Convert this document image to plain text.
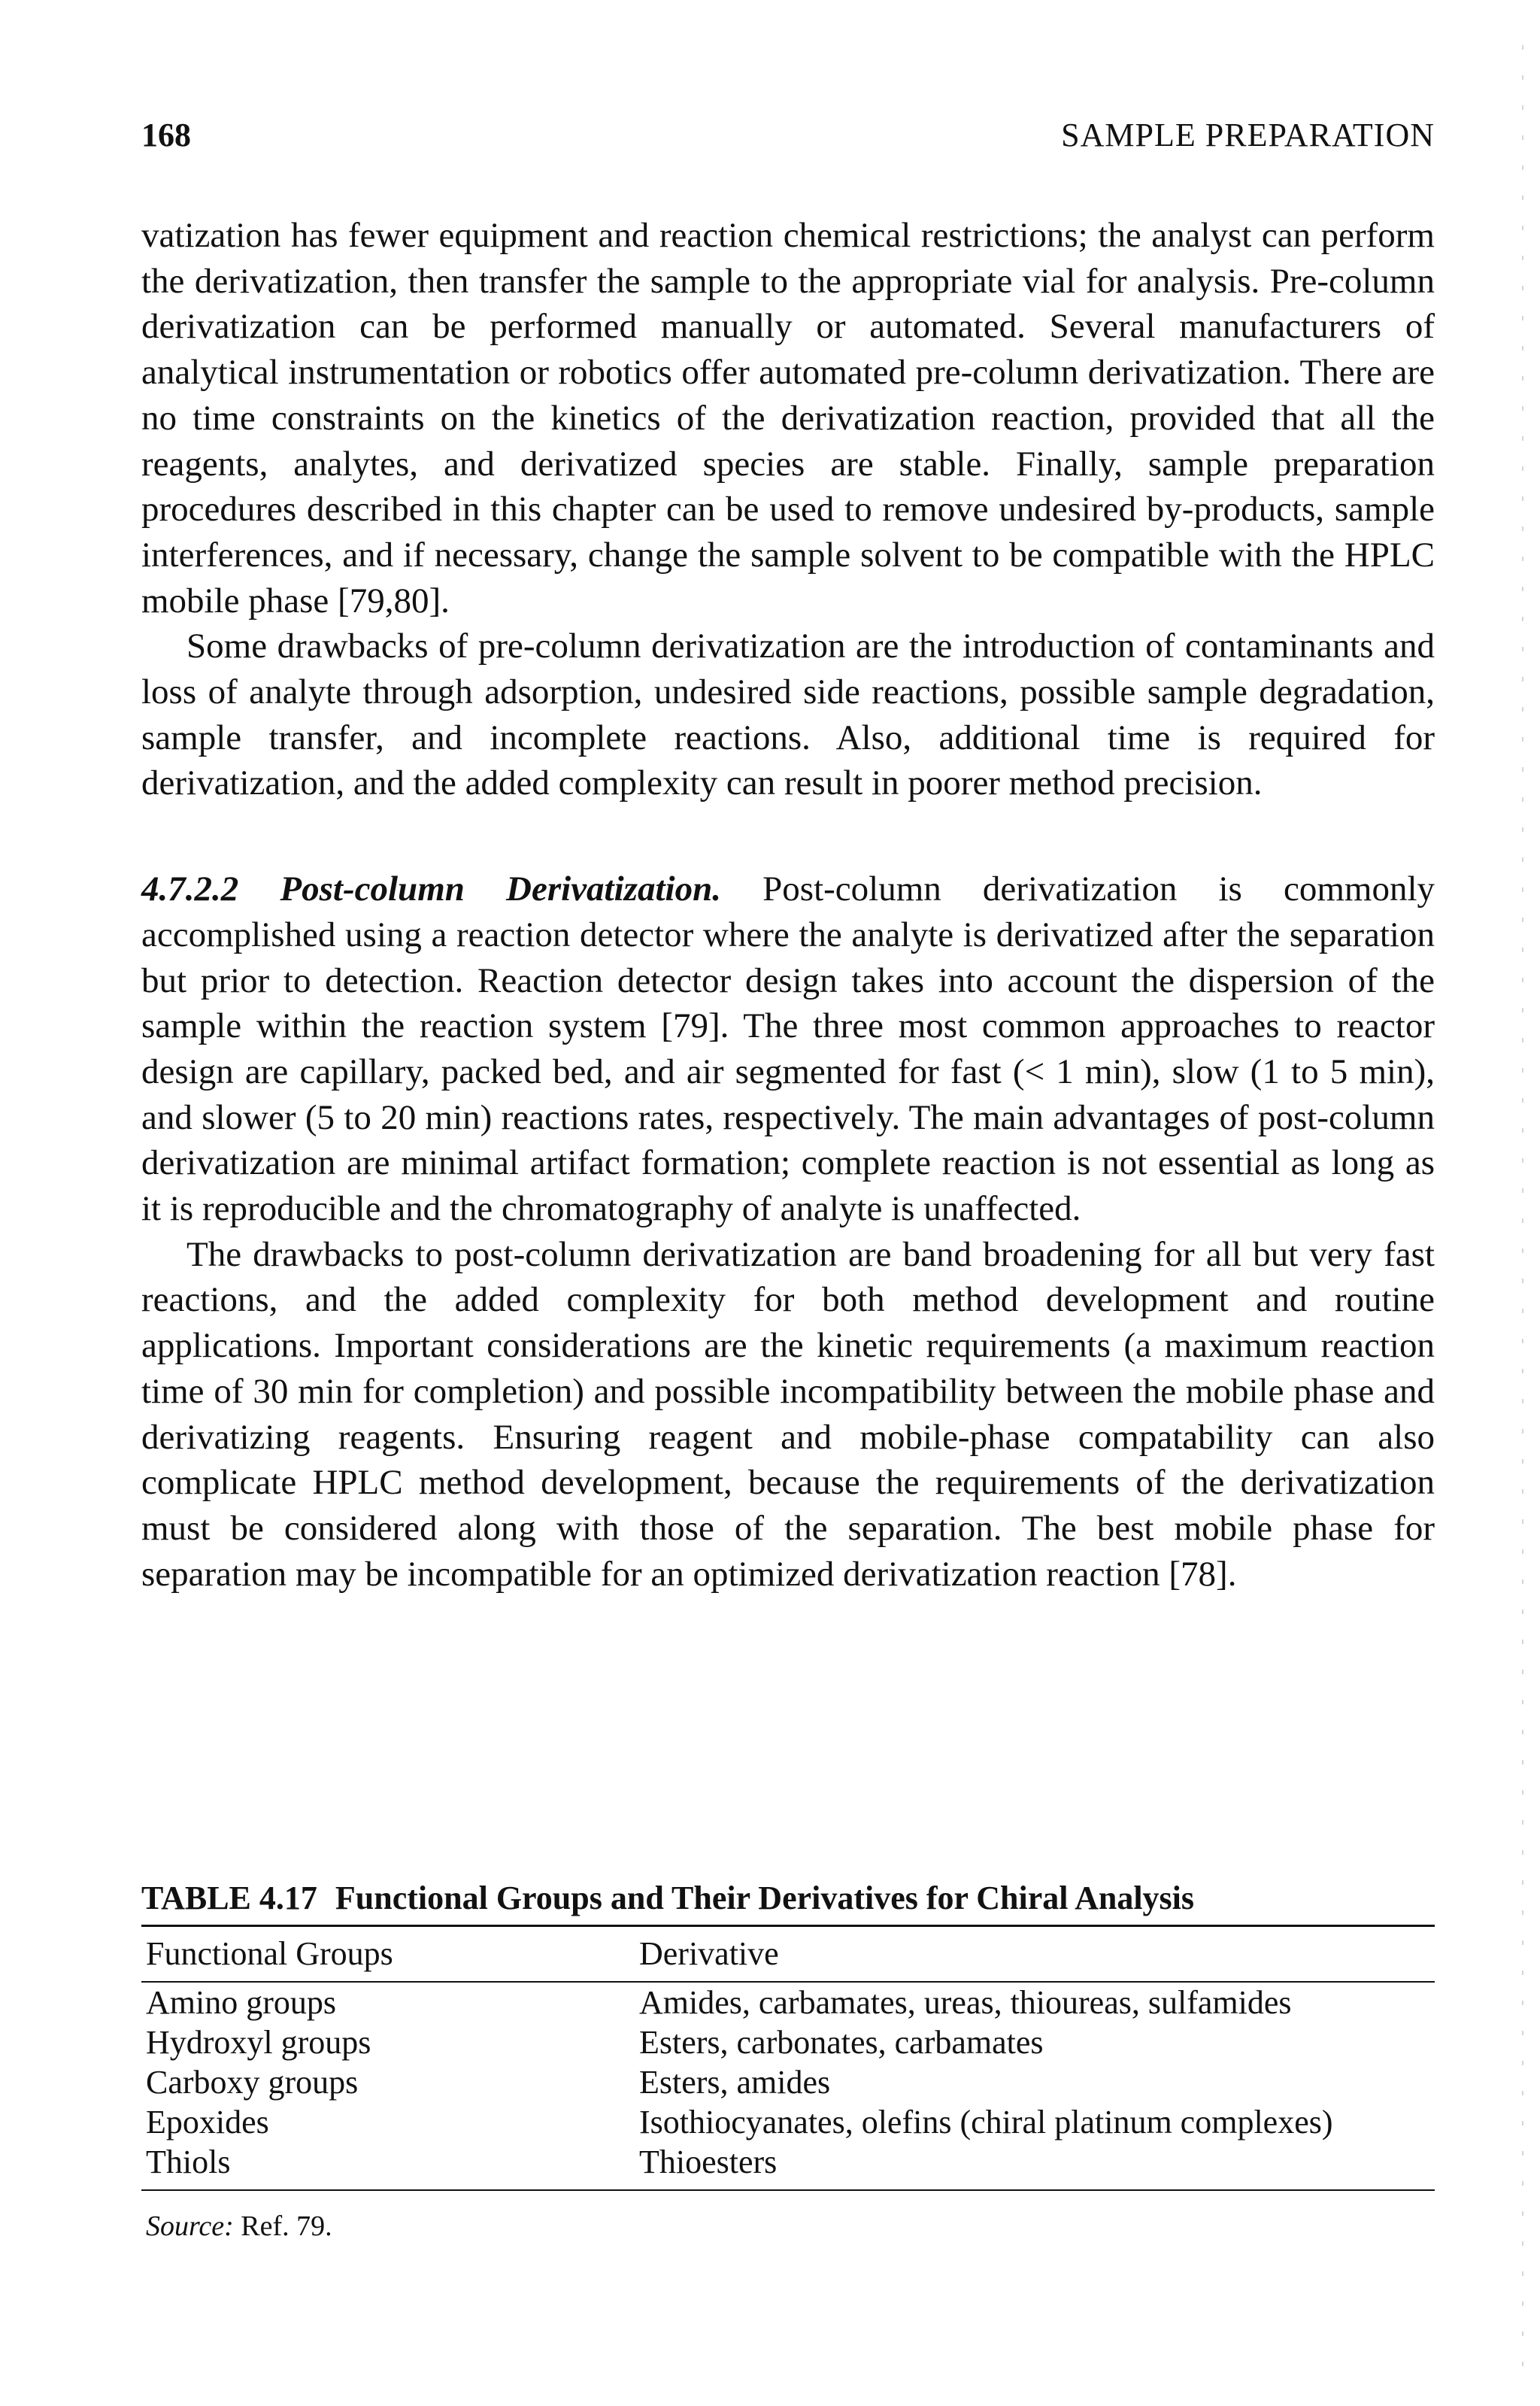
168	SAMPLE PREPARATION

vatization has fewer equipment and reaction chemical restrictions; the analyst can perform the derivatization, then transfer the sample to the appropriate vial for analysis. Pre-column derivatization can be performed manually or automated. Several manufacturers of analytical instrumentation or robotics offer automated pre-column derivatization. There are no time constraints on the kinetics of the derivatization reaction, provided that all the reagents, analytes, and derivatized species are stable. Finally, sample preparation procedures described in this chapter can be used to remove undesired by-products, sample interferences, and if necessary, change the sample solvent to be compatible with the HPLC mobile phase [79,80].

Some drawbacks of pre-column derivatization are the introduction of contaminants and loss of analyte through adsorption, undesired side reactions, possible sample degradation, sample transfer, and incomplete reactions. Also, additional time is required for derivatization, and the added complexity can result in poorer method precision.

4.7.2.2 Post-column Derivatization. Post-column derivatization is commonly accomplished using a reaction detector where the analyte is derivatized after the separation but prior to detection. Reaction detector design takes into account the dispersion of the sample within the reaction system [79]. The three most common approaches to reactor design are capillary, packed bed, and air segmented for fast (< 1 min), slow (1 to 5 min), and slower (5 to 20 min) reactions rates, respectively. The main advantages of post-column derivatization are minimal artifact formation; complete reaction is not essential as long as it is reproducible and the chromatography of analyte is unaffected.

The drawbacks to post-column derivatization are band broadening for all but very fast reactions, and the added complexity for both method development and routine applications. Important considerations are the kinetic requirements (a maximum reaction time of 30 min for completion) and possible incompatibility between the mobile phase and derivatizing reagents. Ensuring reagent and mobile-phase compatability can also complicate HPLC method development, because the requirements of the derivatization must be considered along with those of the separation. The best mobile phase for separation may be incompatible for an optimized derivatization reaction [78].

TABLE 4.17 Functional Groups and Their Derivatives for Chiral Analysis
Functional Groups	Derivative

Amino groups	Amides, carbamates, ureas, thioureas, sulfamides
Hydroxyl groups	Esters, carbonates, carbamates
Carboxy groups	Esters, amides
Epoxides	Isothiocyanates, olefins (chiral platinum complexes)
Thiols	Thioesters
Source: Ref. 79.
